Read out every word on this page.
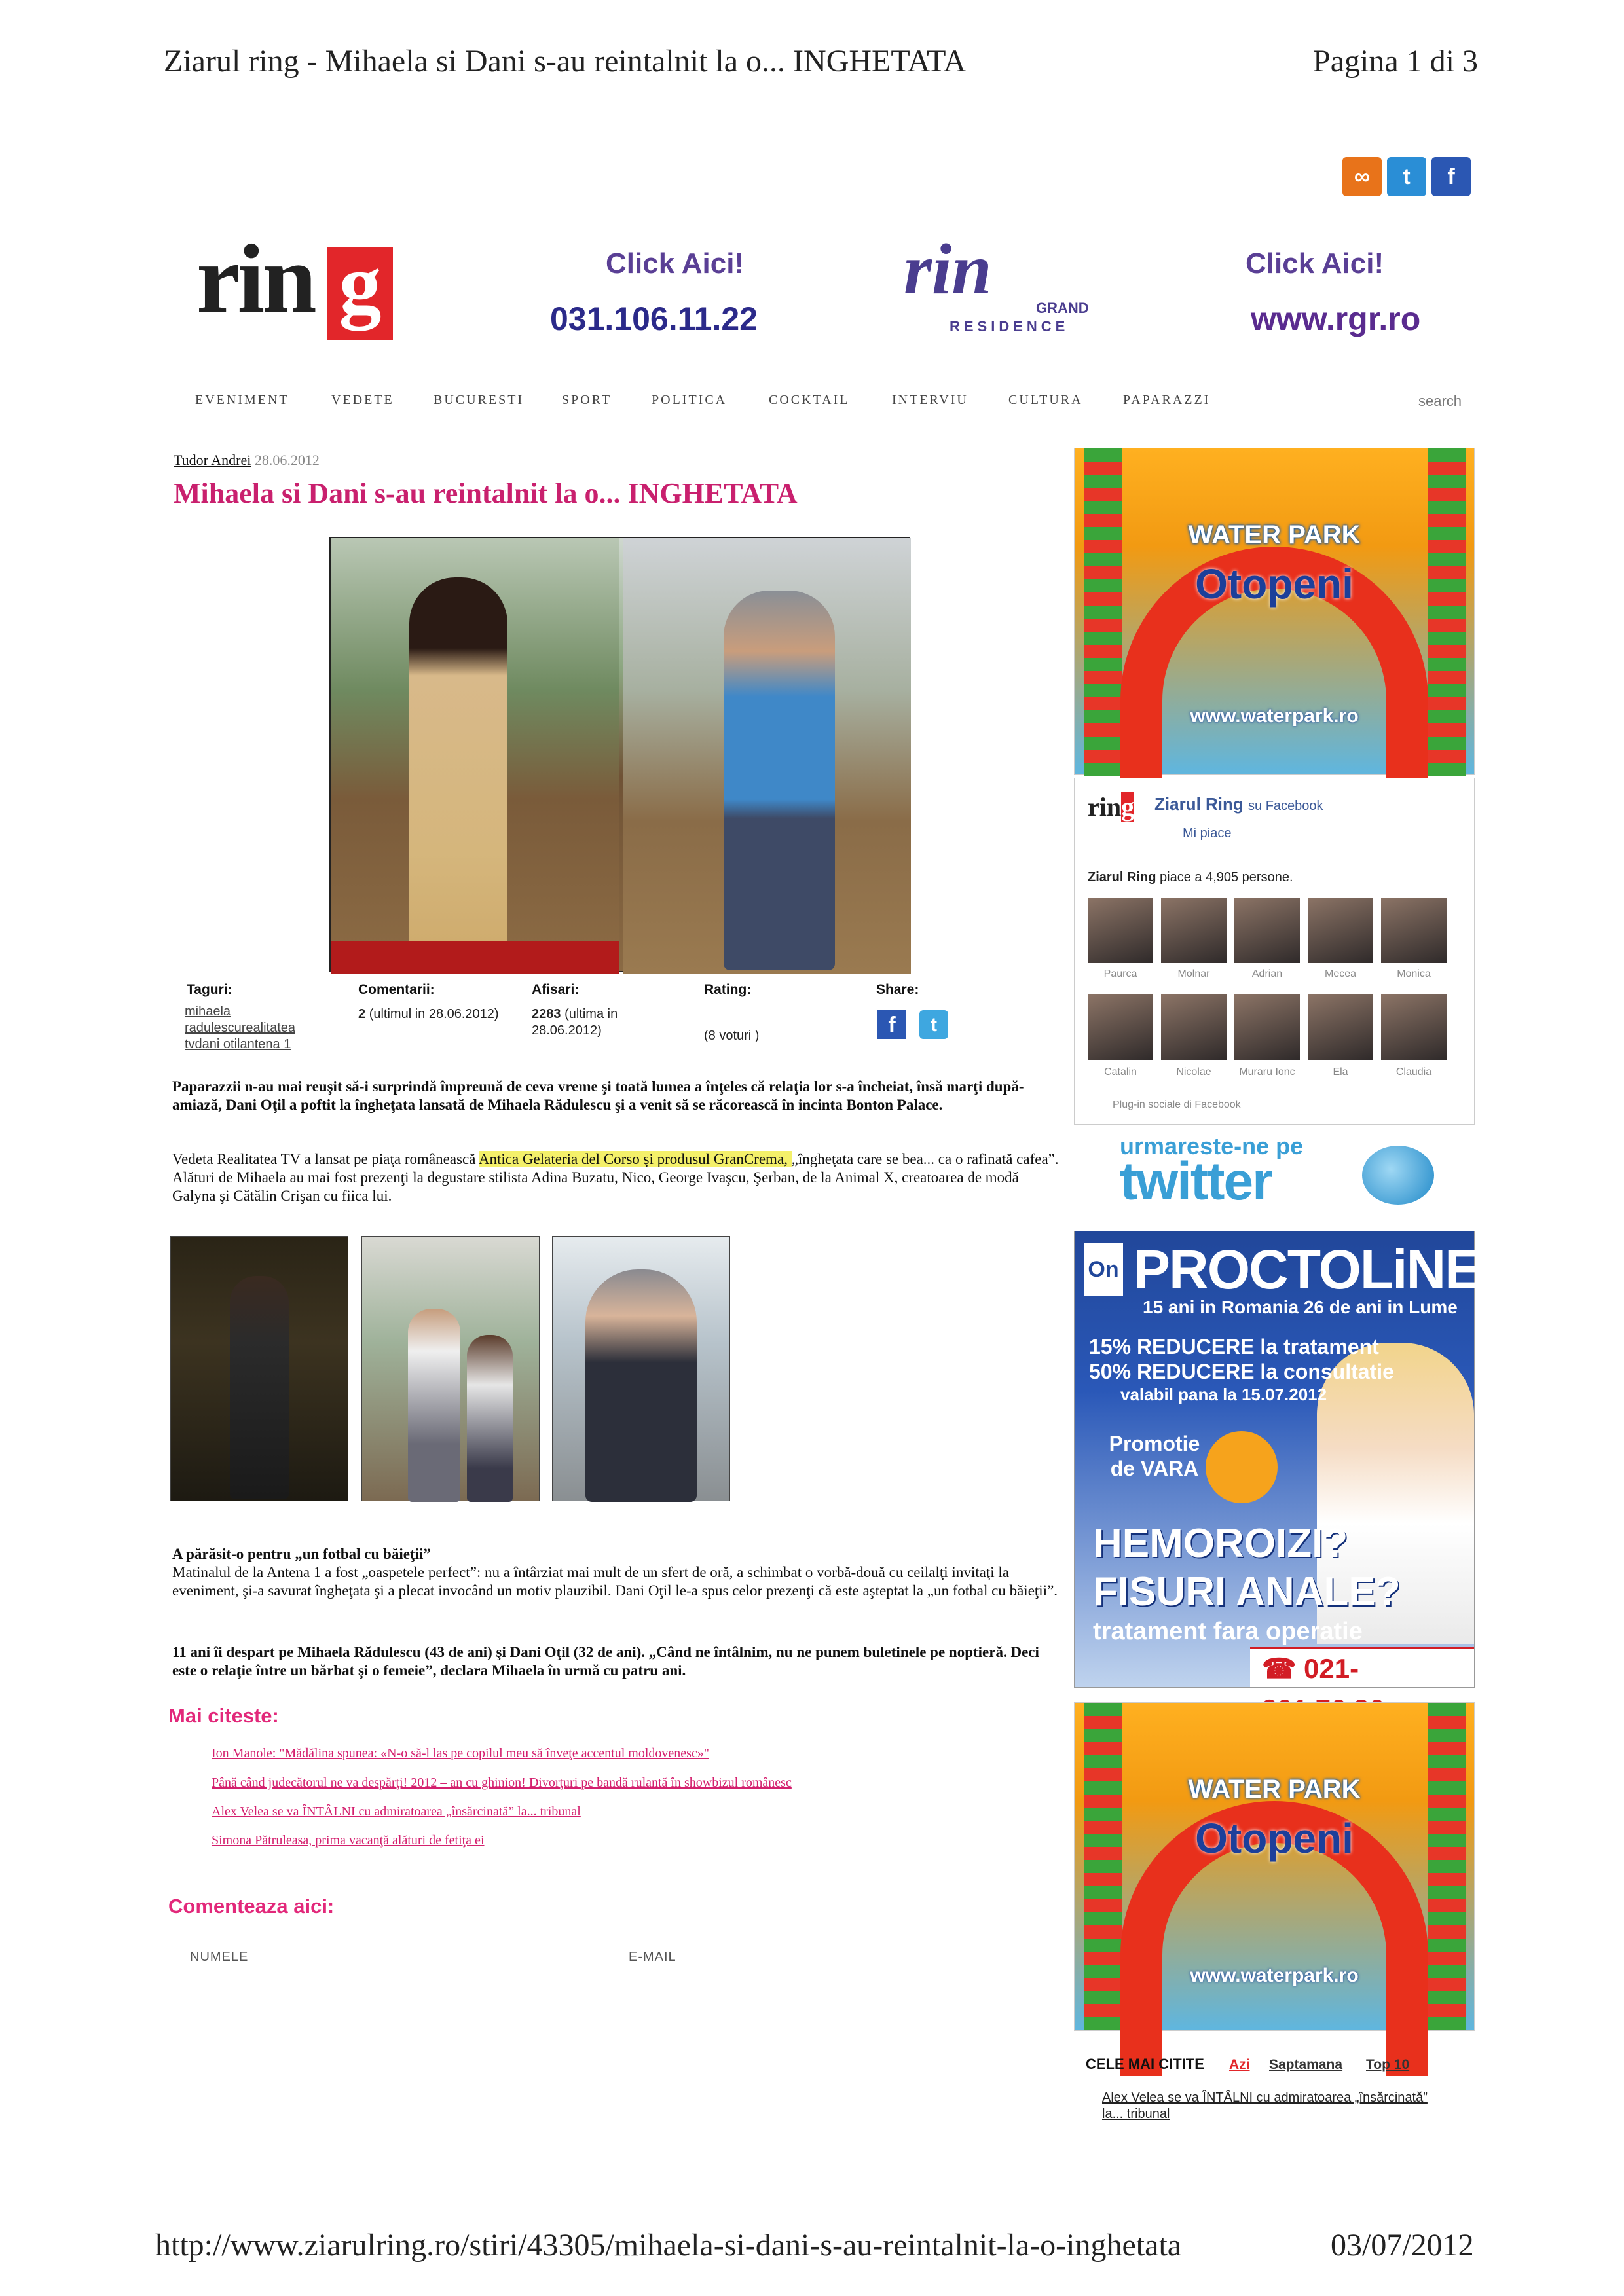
Ziarul ring - Mihaela si Dani s-au reintalnit la o... INGHETATA	Pagina 1 di 3
http://www.ziarulring.ro/stiri/43305/mihaela-si-dani-s-au-reintalnit-la-o-inghetata	03/07/2012
∞	t	f
rin g	Click Aici!
031.106.11.22
rin	GRAND
RESIDENCE
Click Aici!
www.rgr.ro
EVENIMENT	VEDETE	BUCURESTI	SPORT	POLITICA	COCKTAIL	INTERVIU	CULTURA	PAPARAZZI	search
Tudor Andrei 28.06.2012
Mihaela si Dani s-au reintalnit la o... INGHETATA
Taguri:
mihaela
radulescurealitatea
tvdani otilantena 1
Comentarii:
2 (ultimul in 28.06.2012)
Afisari:
2283 (ultima in 28.06.2012)
Rating:
(8 voturi )
Share:
f	t
Paparazzii n-au mai reuşit să-i surprindă împreună de ceva vreme şi toată lumea a înţeles că relaţia lor s-a încheiat, însă marţi după-amiază, Dani Oţil a poftit la îngheţata lansată de Mihaela Rădulescu şi a venit să se răcorească în incinta Bonton Palace.
Vedeta Realitatea TV a lansat pe piaţa românească Antica Gelateria del Corso şi produsul GranCrema, „îngheţata care se bea... ca o rafinată cafea”. Alături de Mihaela au mai fost prezenţi la degustare stilista Adina Buzatu, Nico, George Ivaşcu, Şerban, de la Animal X, creatoarea de modă Galyna şi Cătălin Crişan cu fiica lui.
A părăsit-o pentru „un fotbal cu băieţii”
Matinalul de la Antena 1 a fost „oaspetele perfect”: nu a întârziat mai mult de un sfert de oră, a schimbat o vorbă-două cu ceilalţi invitaţi la eveniment, şi-a savurat îngheţata şi a plecat invocând un motiv plauzibil. Dani Oţil le-a spus celor prezenţi că este aşteptat la „un fotbal cu băieţii”.
11 ani îi despart pe Mihaela Rădulescu (43 de ani) şi Dani Oţil (32 de ani). „Când ne întâlnim, nu ne punem buletinele pe noptieră. Deci este o relaţie între un bărbat şi o femeie”, declara Mihaela în urmă cu patru ani.
Mai citeste:
Ion Manole: "Mădălina spunea: «N-o să-l las pe copilul meu să înveţe accentul moldovenesc»"
Până când judecătorul ne va despărţi! 2012 – an cu ghinion! Divorţuri pe bandă rulantă în showbizul românesc
Alex Velea se va ÎNTÂLNI cu admiratoarea „însărcinată” la... tribunal
Simona Pătruleasa, prima vacanţă alături de fetiţa ei
Comenteaza aici:
NUMELE	E-MAIL
WATER PARK
Otopeni
www.waterpark.ro
ring Ziarul Ring su Facebook
Mi piace
Ziarul Ring piace a 4,905 persone.
Paurca	Molnar	Adrian	Mecea	Monica
Catalin	Nicolae	Muraru Ionc	Ela	Claudia
Plug-in sociale di Facebook
urmareste-ne pe
twitter
On PROCTOLiNE
15 ani in Romania 26 de ani in Lume
15% REDUCERE la tratament
50% REDUCERE la consultatie
valabil pana la 15.07.2012
Promotie de VARA
HEMOROIZI?
FISURI ANALE?
tratament fara operatie
☎ 021-
WATER PARK
Otopeni
www.waterpark.ro
CELE MAI CITITE Azi Saptamana Top 10
Alex Velea se va ÎNTÂLNI cu admiratoarea „însărcinată” la... tribunal
